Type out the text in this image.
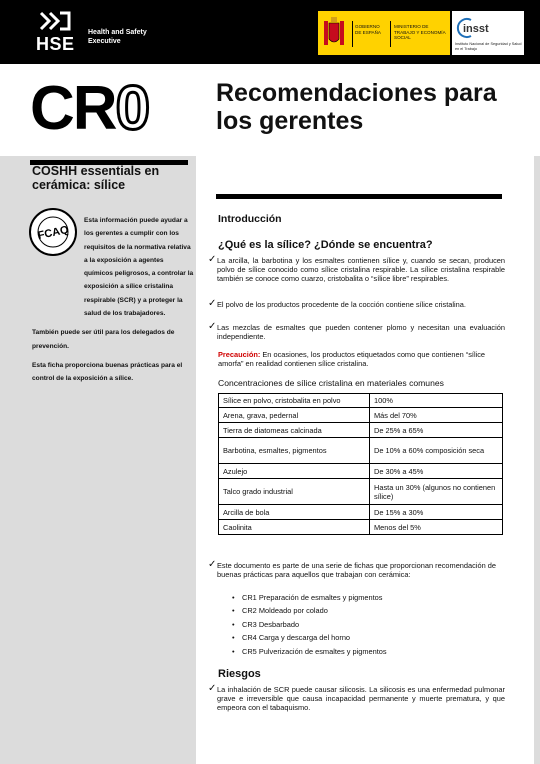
HSE
Health and Safety Executive
GOBIERNO DE ESPAÑA
MINISTERIO DE TRABAJO Y ECONOMÍA SOCIAL
insst
Instituto Nacional de Seguridad y Salud en el Trabajo
CR0	Recomendaciones para los gerentes
COSHH essentials en cerámica: sílice
FCAQ

Esta información puede ayudar a los gerentes a cumplir con los requisitos de la normativa relativa a la exposición a agentes químicos peligrosos, a controlar la exposición a sílice cristalina respirable (SCR) y a proteger la salud de los trabajadores.

También puede ser útil para los delegados de prevención.

Esta ficha proporciona buenas prácticas para el control de la exposición a sílice.

Introducción
¿Qué es la sílice? ¿Dónde se encuentra?
✓ La arcilla, la barbotina y los esmaltes contienen sílice y, cuando se secan, producen polvo de sílice conocido como sílice cristalina respirable. La sílice cristalina respirable también se conoce como cuarzo, cristobalita o “sílice libre” respirables.
✓ El polvo de los productos procedente de la cocción contiene sílice cristalina.
✓ Las mezclas de esmaltes que pueden contener plomo y necesitan una evaluación independiente.
Precaución: En ocasiones, los productos etiquetados como que contienen “sílice amorfa” en realidad contienen sílice cristalina.
Concentraciones de sílice cristalina en materiales comunes
Sílice en polvo, cristobalita en polvo	100%
Arena, grava, pedernal	Más del 70%
Tierra de diatomeas calcinada	De 25% a 65%
Barbotina, esmaltes, pigmentos	De 10% a 60% composición seca
Azulejo	De 30% a 45%
Talco grado industrial	Hasta un 30% (algunos no contienen sílice)
Arcilla de bola	De 15% a 30%
Caolinita	Menos del 5%
✓ Este documento es parte de una serie de fichas que proporcionan recomendación de buenas prácticas para aquellos que trabajan con cerámica:
•	CR1 Preparación de esmaltes y pigmentos
•	CR2 Moldeado por colado
•	CR3 Desbarbado
•	CR4 Carga y descarga del horno
•	CR5 Pulverización de esmaltes y pigmentos
Riesgos
✓ La inhalación de SCR puede causar silicosis. La silicosis es una enfermedad pulmonar grave e irreversible que causa incapacidad permanente y muerte prematura, y que empeora con el tabaquismo.
